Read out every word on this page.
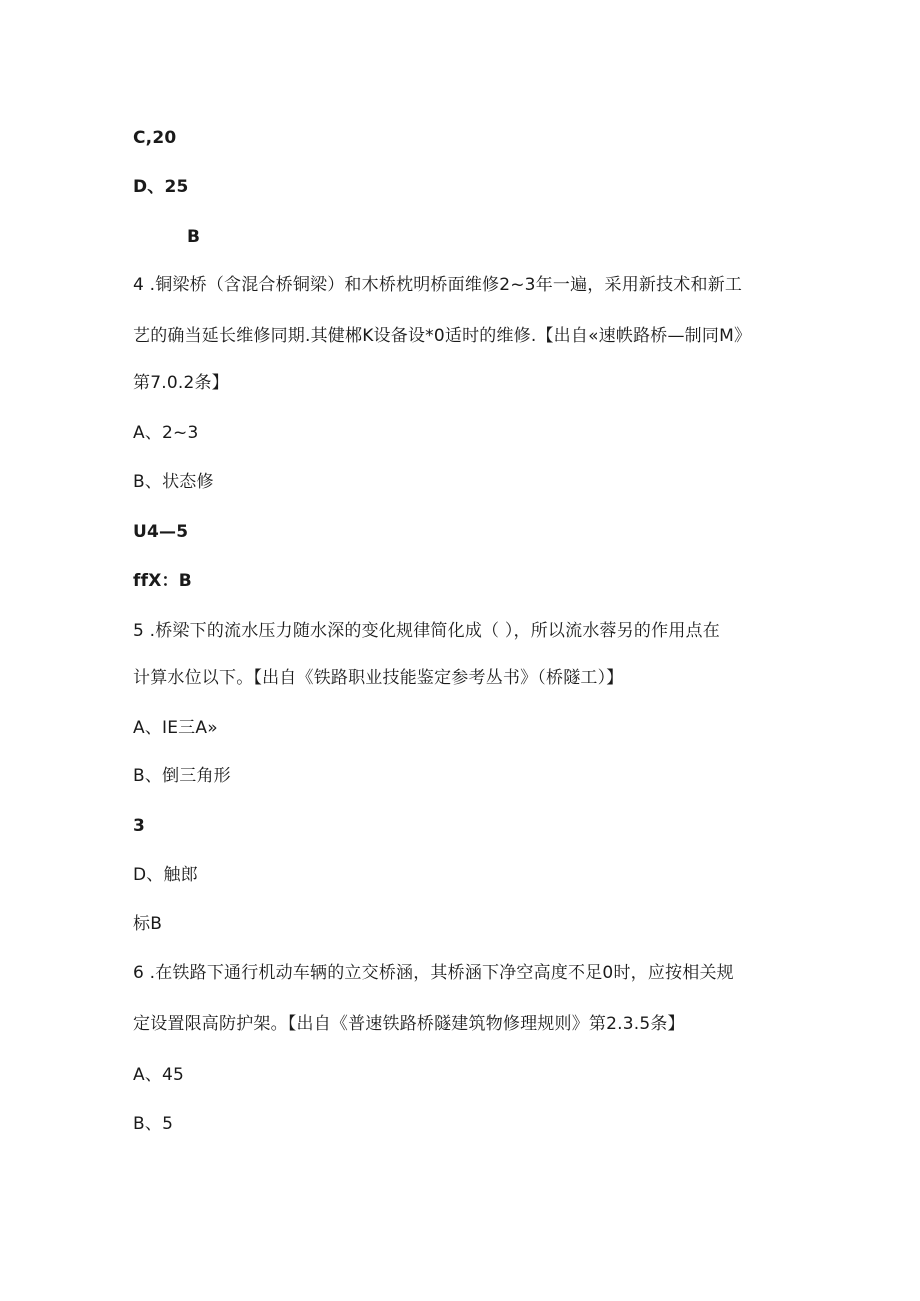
C,20
D、25
B
4 .铜梁桥（含混合桥铜梁）和木桥枕明桥面维修2~3年一遍，采用新技术和新工
艺的确当延长维修同期.其健郴K设备设*0适时的维修.【出自«速帙路桥—制同M》
第7.0.2条】
A、2~3
B、状态修
U4—5
ffX：B
5 .桥梁下的流水压力随水深的变化规律简化成（ ），所以流水蓉另的作用点在
计算水位以下。【出自《铁路职业技能鉴定参考丛书》（桥隧工）】
A、IE三A»
B、倒三角形
3
D、触郎
标B
6 .在铁路下通行机动车辆的立交桥涵，其桥涵下净空高度不足0时，应按相关规
定设置限高防护架。【出自《普速铁路桥隧建筑物修理规则》第2.3.5条】
A、45
B、5
